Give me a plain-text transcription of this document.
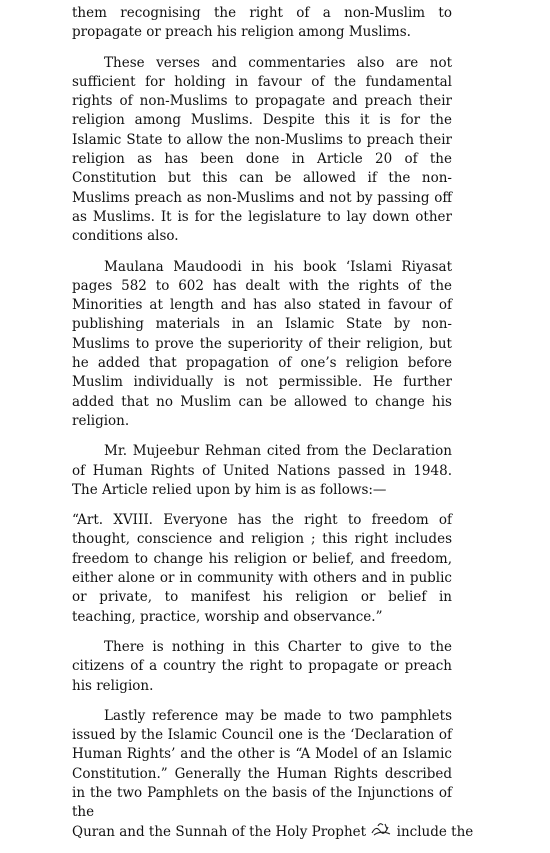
them recognising the right of a non-Muslim to propagate or preach his religion among Muslims.

These verses and commentaries also are not sufficient for holding in favour of the fundamental rights of non-Muslims to propagate and preach their religion among Muslims. Despite this it is for the Islamic State to allow the non-Muslims to preach their religion as has been done in Article 20 of the Constitution but this can be allowed if the non-Muslims preach as non-Muslims and not by passing off as Muslims. It is for the legislature to lay down other conditions also.

Maulana Maudoodi in his book ‘Islami Riyasat pages 582 to 602 has dealt with the rights of the Minorities at length and has also stated in favour of publishing materials in an Islamic State by non-Muslims to prove the superiority of their religion, but he added that propagation of one’s religion before Muslim individually is not permissible. He further added that no Muslim can be allowed to change his religion.

Mr. Mujeebur Rehman cited from the Declaration of Human Rights of United Nations passed in 1948. The Article relied upon by him is as follows:—

“Art. XVIII. Everyone has the right to freedom of thought, conscience and religion ; this right includes freedom to change his religion or belief, and freedom, either alone or in community with others and in public or private, to manifest his religion or belief in teaching, practice, worship and observance.”

There is nothing in this Charter to give to the citizens of a country the right to propagate or preach his religion.

Lastly reference may be made to two pamphlets issued by the Islamic Council one is the ‘Declaration of Human Rights’ and the other is “A Model of an Islamic Constitution.” Generally the Human Rights described in the two Pamphlets on the basis of the Injunctions of the Quran and the Sunnah of the Holy Prophet include the
